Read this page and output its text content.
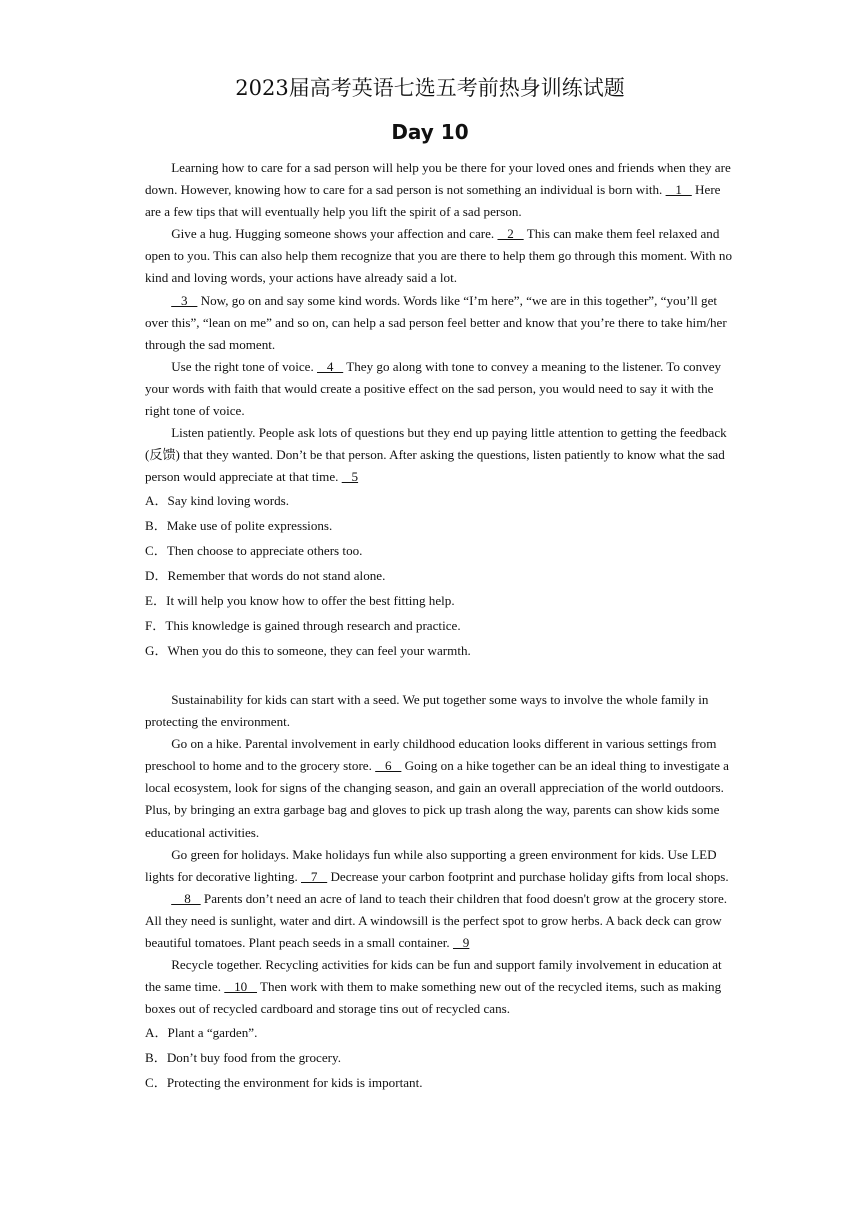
2023届高考英语七选五考前热身训练试题
Day 10

Learning how to care for a sad person will help you be there for your loved ones and friends when they are down. However, knowing how to care for a sad person is not something an individual is born with.    1    Here are a few tips that will eventually help you lift the spirit of a sad person.

Give a hug. Hugging someone shows your affection and care.    2    This can make them feel relaxed and open to you. This can also help them recognize that you are there to help them go through this moment. With no kind and loving words, your actions have already said a lot.

3    Now, go on and say some kind words. Words like “I’m here”, “we are in this together”, “you’ll get over this”, “lean on me” and so on, can help a sad person feel better and know that you’re there to take him/her through the sad moment.

Use the right tone of voice.    4    They go along with tone to convey a meaning to the listener. To convey your words with faith that would create a positive effect on the sad person, you would need to say it with the right tone of voice.

Listen patiently. People ask lots of questions but they end up paying little attention to getting the feedback (反馈) that they wanted. Don’t be that person. After asking the questions, listen patiently to know what the sad person would appreciate at that time.    5

A．Say kind loving words.
B．Make use of polite expressions.
C．Then choose to appreciate others too.
D．Remember that words do not stand alone.
E．It will help you know how to offer the best fitting help.
F．This knowledge is gained through research and practice.
G．When you do this to someone, they can feel your warmth.

Sustainability for kids can start with a seed. We put together some ways to involve the whole family in protecting the environment.

Go on a hike. Parental involvement in early childhood education looks different in various settings from preschool to home and to the grocery store.    6    Going on a hike together can be an ideal thing to investigate a local ecosystem, look for signs of the changing season, and gain an overall appreciation of the world outdoors. Plus, by bringing an extra garbage bag and gloves to pick up trash along the way, parents can show kids some educational activities.

Go green for holidays. Make holidays fun while also supporting a green environment for kids. Use LED lights for decorative lighting.    7    Decrease your carbon footprint and purchase holiday gifts from local shops.

8    Parents don’t need an acre of land to teach their children that food doesn't grow at the grocery store. All they need is sunlight, water and dirt. A windowsill is the perfect spot to grow herbs. A back deck can grow beautiful tomatoes. Plant peach seeds in a small container.    9

Recycle together. Recycling activities for kids can be fun and support family involvement in education at the same time.    10    Then work with them to make something new out of the recycled items, such as making boxes out of recycled cardboard and storage tins out of recycled cans.

A．Plant a “garden”.
B．Don’t buy food from the grocery.
C．Protecting the environment for kids is important.
